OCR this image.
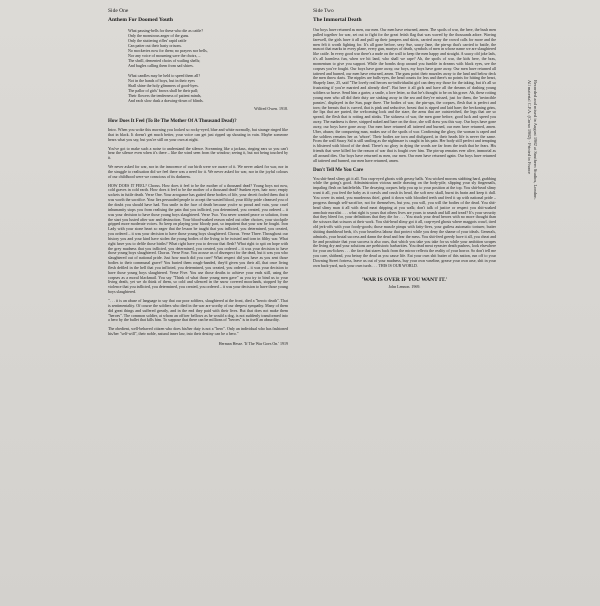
Side One
Anthem For Doomed Youth
What passing-bells for these who die as cattle?
Only the monstrous anger of the guns.
Only the stuttering rifles' rapid rattle
Can patter out their hasty orisons.
No mockeries now for them; no prayers nor bells,
Nor any voice of mourning save the choirs, –
The shrill, demented choirs of wailing shells;
And bugles calling them from sad shires.

What candles may be held to speed them all?
Not in the hands of boys, but in their eyes
Shall shine the holy glimmers of good-byes.
The pallor of girls' brows shall be their pall;
Their flowers the tenderness of patient minds,
And each slow dusk a drawing-down of blinds.
Wilfred Owen. 1918.
How Does It Feel (To Be The Mother Of A Thousand Dead)?

Intro. When you woke this morning you looked so rocky-eyed, blue and white normally, but strange ringed like that in black. It doesn't get much better, your voice can get just ripped up shouting in vain. Maybe someone hears what you say, but you're still on your own at night.

You've got to make such a noise to understand the silence. Screaming like a jackass, ringing ears so you can't hear the silence even when it's there – like the wind seen from the window; seeing it, but not being touched by it.

We never asked for war, nor in the innocence of our birth were we aware of it. We never asked for war, nor in the struggle to realisation did we feel there was a need for it. We never asked for war, nor in the joyful colours of our childhood were we conscious of its darkness.

HOW DOES IT FEEL? Chorus. How does it feel to be the mother of a thousand dead? Young boys not now, cold graves in cold earth. How does it feel to be the mother of a thousand dead? Sunken eyes, hair now; empty sockets in futile death. Verse One. Your arrogance has gutted these bodies of life, your deceit fooled them that it was worth the sacrifice. Your lies persuaded people to accept the wasted blood, your filthy pride cleansed you of the doubt you should have had. You smile in the face of death because you're so proud and vain, your cruel inhumanity stops you from realising the pain that you inflicted, you determined, you created, you ordered – it was your decision to have those young boys slaughtered. Verse Two. You never wanted peace or solution, from the start you lusted after war and destruction. Your blood-soaked reason ruled out other choices, your stockpile gripped more moderate voices. So keep on playing your bloody part, so impatient that your war be fought. Iron Lady with your stone heart so eager that the lesson be taught that you inflicted, you determined, you created, you ordered – it was your decision to have those young boys slaughtered. Chorus. Verse Three. Throughout our history you and your kind have stolen the young bodies of the living to be twisted and torn in filthy war. What right have you to defile those births? What right have you to devour that flesh? What right to spit on hope with the grey madness that you inflicted, you determined, you created, you ordered – it was your decision to have those young boys slaughtered. Chorus. Verse Four. You accuse us of disrespect for the dead, but it was you who slaughtered out of national pride. Just how much did you care? What respect did you have as you sent those bodies to their communal grave? You buried them rough-handed, they'd given you their all, that once living flesh defiled in the hell that you inflicted, you determined, you created, you ordered – it was your decision to have those young boys slaughtered. Verse Five. You use those deaths to achieve your ends still, using the corpses as a moral blackmail. You say "Think of what those young men gave" as you try to bind us to your living death, yet we do think of them, so cold and silenced in the snow covered moorlands, stopped by the violence that you inflicted, you determined, you created, you ordered – it was your decision to have those young boys slaughtered.

". . . it is an abuse of language to say that our poor soldiers, slaughtered at the front, died a "heroic death". That is sentimentality. Of course the soldiers who died in the war are worthy of our deepest sympathy. Many of them did great things and suffered greatly, and in the end they paid with their lives. But that does not make them "heroes". The common soldier, at whom an officer bellows as he would a dog, is not suddenly transformed into a hero by the bullet that kills him. To suppose that there can be millions of "heroes" is in itself an absurdity.

The obedient, well-behaved citizen who does his/her duty is not a "hero". Only an individual who has fashioned his/her "self-will", their noble, natural inner law, into their destiny can be a hero."

Herman Hesse. 'If The War Goes On.' 1919
Side Two
The Immortal Death

Our boys have returned as men, our men. Our men have returned, amen. The spoils of war, the here, the bush men pulled together for war, set out to fight for the great fetish flag that was waved by the thousands adore. Waving farewell, the girls have it all and pull up their jumpers and skirts, carried away the crowd calls for more and the men felt it worth fighting for. It's all gone before, sexy Sue, saucy Jane, the pin-up that's carried to battle, the mascot that marks in every plane, every gun, martyrs of death, symbols of men in whose name we are slaughtered like cattle. In every good war there's a nude on the wall to keep the men happy and straight. A saucy old joke lads, it's all harmless fun, when we hit land, who shall we rape? Ah, the spoils of war, the kids here, the bras, momentum to give you support. While the bombs drop around you fumble in dreams with black eyes, see the corpses you've fought. Our boys have gone away, our boys, my boys have gone away. Our men have returned all tattered and burned, our men have returned, amen. The guns point their muzzles away to the land and below deck the men throw darts. The nipples are bulls-eyes, the head counts for less and there's no points for hitting the heart, Shapely Jane, 25, said "The lovely real heroes no-individualist girl can deny my those for the taking, but it's all so frustrating if you're married and already died". But here it all girls and have all the dreams of dashing young soldiers so brave. Send him a garter, a smile, a love letter, so that he's thought to be on his grave. Ah, these rotting young men who all did their duty are sinking away in the sea and they've missed, just for them, the 'invincible pansies', displayed in the Sun, page three. The bodies of war, the pin-ups, the corpses, flesh that is perfect and torn; the breasts that is curved, that is pink and seductive, breast that is ripped and laid bare; the beckoning grins, the lips that are parted, the welcoming look and the stare, the arms that are outstretched, the legs that are so spread, the flesh that is rotting and stinks. The sickness of war, the men gone before, good luck and speed you away. The madness is there, stripped naked and bare on the door, she will draw you this way. Our boys have gone away, our boys have gone away. Our men have returned all tattered and burned, our men have returned, amen. Uber, abuser, the conquering man, makes use of the spoils of war. Confirming the glory, the woman is raped and the soldiers remains her as 'whore'. Their bodies are torn and disfigured, in their heads life is never the same. From the wall Saucy Sal is still smiling as the nightmare is caught in his pain. Her body still perfect and tempting is blistered with blood of the dead. There's no glory in dying the words are far from the truth that he fears. His friends that were killed for the reason of war that is fought over him. The pin-up remains ever alive, immortal as all around dies. Our boys have returned as men, our men. Our men have returned again. Our boys have returned all tattered and burned, our men have returned, amen.

Don't Tell Me You Care

You shit-head slimy git it all. You crap-eyed ghosts with greasy balls. You wicked morons stabbing hard, grabbing while the going's good. Administration vicious smile drawing on the body-pile, slipping your sly fingernails, impaling flesh on battlefields. The decaying corpses help you up to your position at the top. You shit-head slimy want it all, you feed the baby as it crawls and crush its head, the soft new skull, burnt its brain and keep it dull. You cover its mind, you murderous thief, grind it down with bloodied teeth and feed it up with national pride – progress through self-sacrifice, not for themselves, but you, you will, you will the bodies of the dead. You shit-head slimy man it all with dead meat dripping at you walk; don't talk of justice or respect you shit-soaked armchair moralist . . . what right is yours that others lives are yours to smash and kill and tread? It's your security that they bleed for, your definitions that they die for . . . You stuck your dead heroes with no more thought than the scissors that scissors at their work. You shit-head slimy got it all, crap-eyed ghosts where maggots crawl, tired old jerk-offs with your foody-goods; those muscle pimps with fatty-lives, your gutless automatic torturer, butter shitting dumbhead beds, it's your heartless labour that protect while you deny the shame of your ideals. Generals, admirals, your brutal success and damn the dead and fear the mess. You shit-feed greedy have it all, you cheat and lie and prostitute that your success is also ours, that which you take you take for us while your ambition scrapes the living dry and your solutions are prehistoric barbarities. You dead meat eyeaster death pushers, look elsewhere for your ass-lickers . . . the face that stares back from the mirror reflects the reality of your horror. So don't tell me you care, shithead, you betray the dead as you cause life. Eat your own shit butter of this nation, run off to your Downing Street fortress, leave us out of your madness, buy your own vaseline, grease your own arse, shit in your own back-yard, suck your own turds . . . THIS IS OUR WORLD.

'WAR IS OVER IF YOU WANT IT.'
John Lennon. 1969.
Recorded and mixed in August 1982 at Southern Studios, London.
All material C.P.A. (Corso 1982) · Printed in France
